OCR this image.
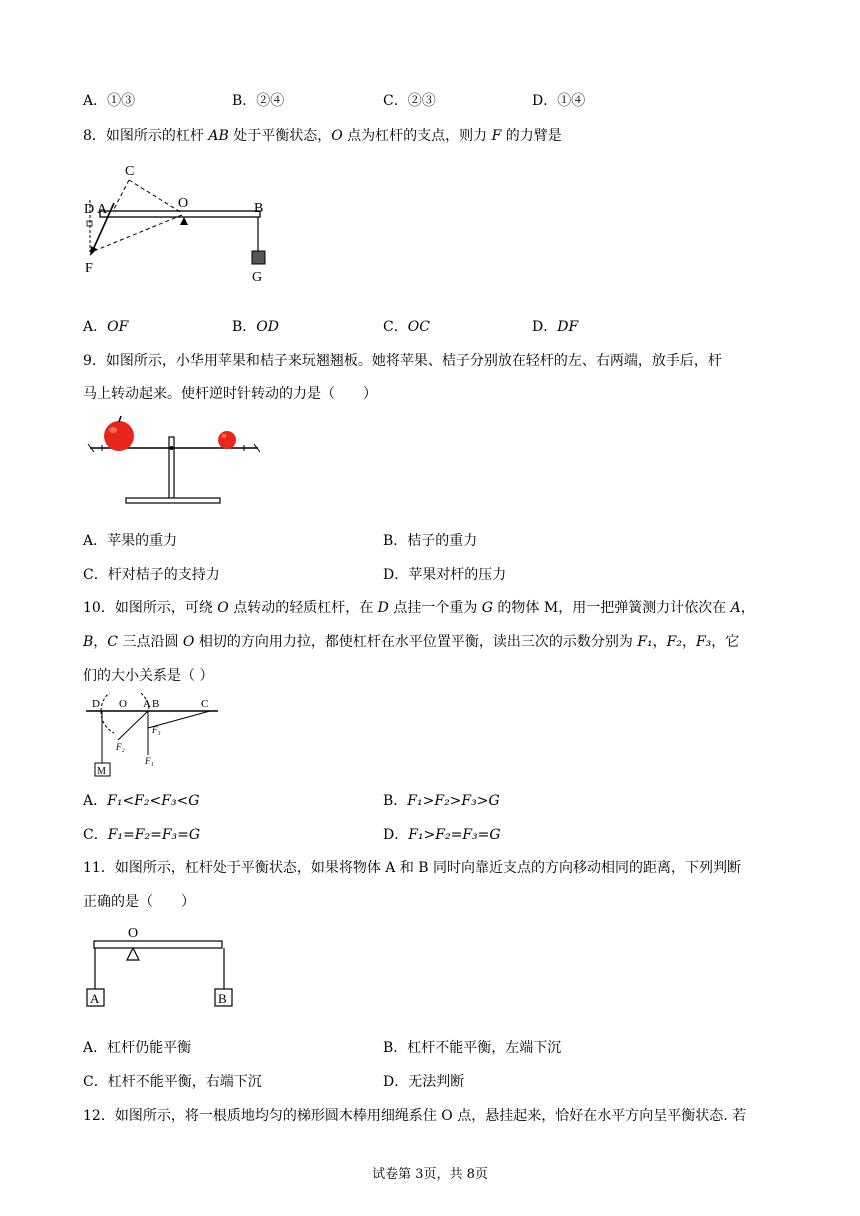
A．①③	B．②④	C．②③	D．①④
8．如图所示的杠杆 AB 处于平衡状态，O 点为杠杆的支点，则力 F 的力臂是
C
D A	O	B
F
G
A．OF	B．OD	C．OC	D．DF
9．如图所示，小华用苹果和桔子来玩翘翘板。她将苹果、桔子分别放在轻杆的左、右两端，放手后，杆
马上转动起来。使杆逆时针转动的力是（　　）
A．苹果的重力	B．桔子的重力
C．杆对桔子的支持力	D．苹果对杆的压力
10．如图所示，可绕 O 点转动的轻质杠杆，在 D 点挂一个重为 G 的物体 M，用一把弹簧测力计依次在 A，
B，C 三点沿圆 O 相切的方向用力拉，都使杠杆在水平位置平衡，读出三次的示数分别为 F₁，F₂，F₃，它
们的大小关系是（ ）
D O A B	C
F₁
F₂
F₃
M
A．F₁<F₂<F₃<G	B．F₁>F₂>F₃>G
C．F₁=F₂=F₃=G	D．F₁>F₂=F₃=G
11．如图所示，杠杆处于平衡状态，如果将物体 A 和 B 同时向靠近支点的方向移动相同的距离，下列判断
正确的是（　　）
O
A	B
A．杠杆仍能平衡	B．杠杆不能平衡，左端下沉
C．杠杆不能平衡，右端下沉	D．无法判断
12．如图所示，将一根质地均匀的梯形圆木棒用细绳系住 O 点，悬挂起来，恰好在水平方向呈平衡状态. 若
试卷第 3页，共 8页
